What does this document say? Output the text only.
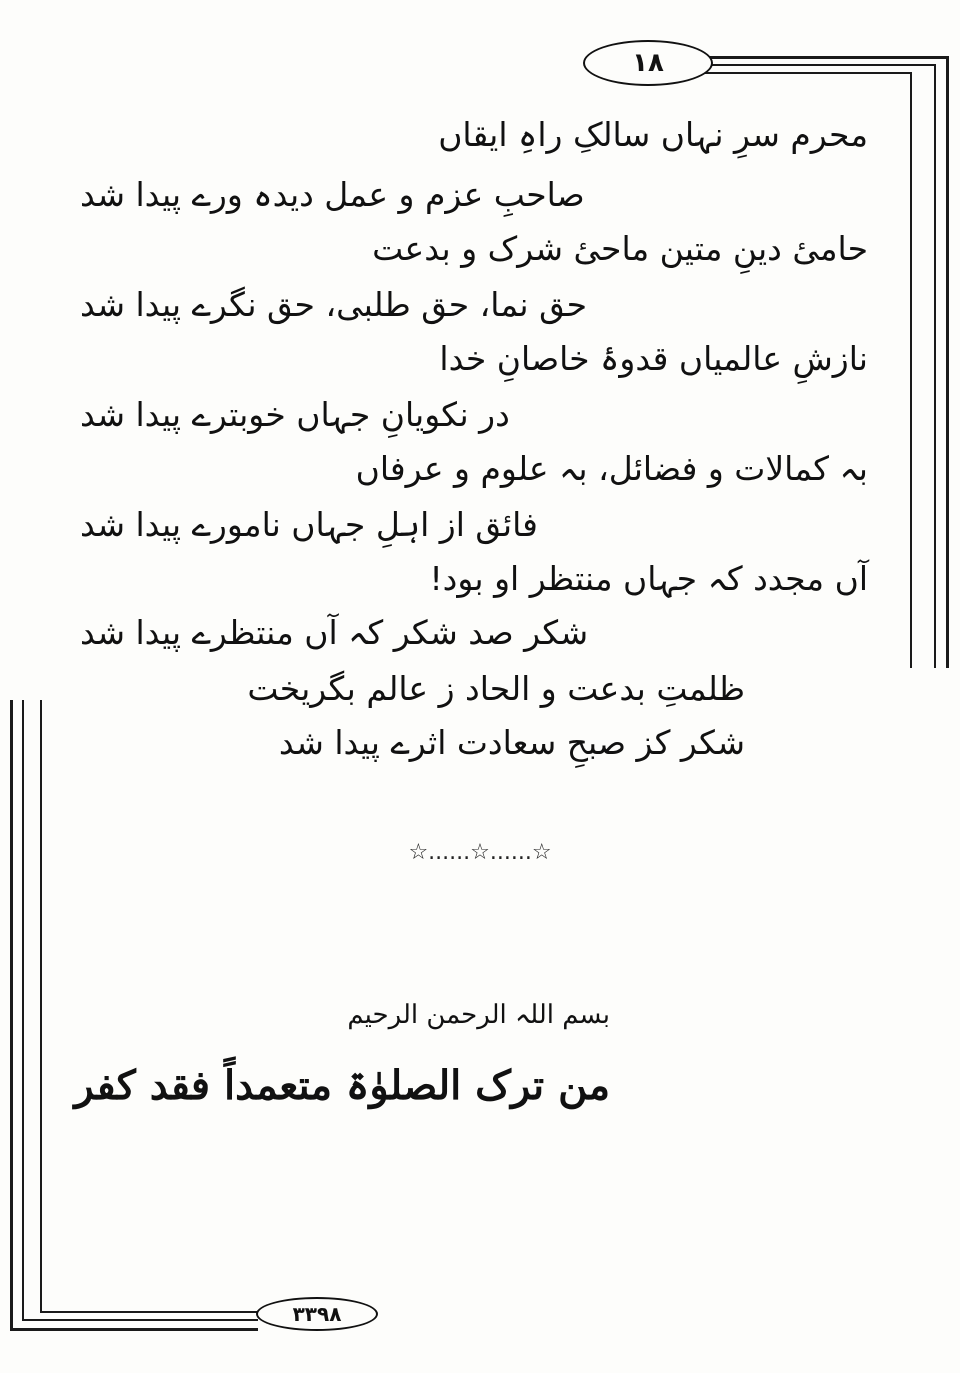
١٨
٣٣٩٨
محرم سرِ نہاں سالکِ راہِ ایقاں
صاحبِ عزم و عمل دیدہ ورے پیدا شد
حامیٔ دینِ متین ماحیٔ شرک و بدعت
حق نما، حق طلبی، حق نگرے پیدا شد
نازشِ عالمیاں قدوۂ خاصانِ خدا
در نکویانِ جہاں خوبترے پیدا شد
بہ کمالات و فضائل، بہ علوم و عرفاں
فائق از اہلِ جہاں نامورے پیدا شد
آں مجدد کہ جہاں منتظر او بود!
شکر صد شکر کہ آں منتظرے پیدا شد
ظلمتِ بدعت و الحاد ز عالم بگریخت
شکر کز صبحِ سعادت اثرے پیدا شد
☆......☆......☆
بسم اللہ الرحمن الرحیم
من ترک الصلوٰۃ متعمداً فقد کفر
